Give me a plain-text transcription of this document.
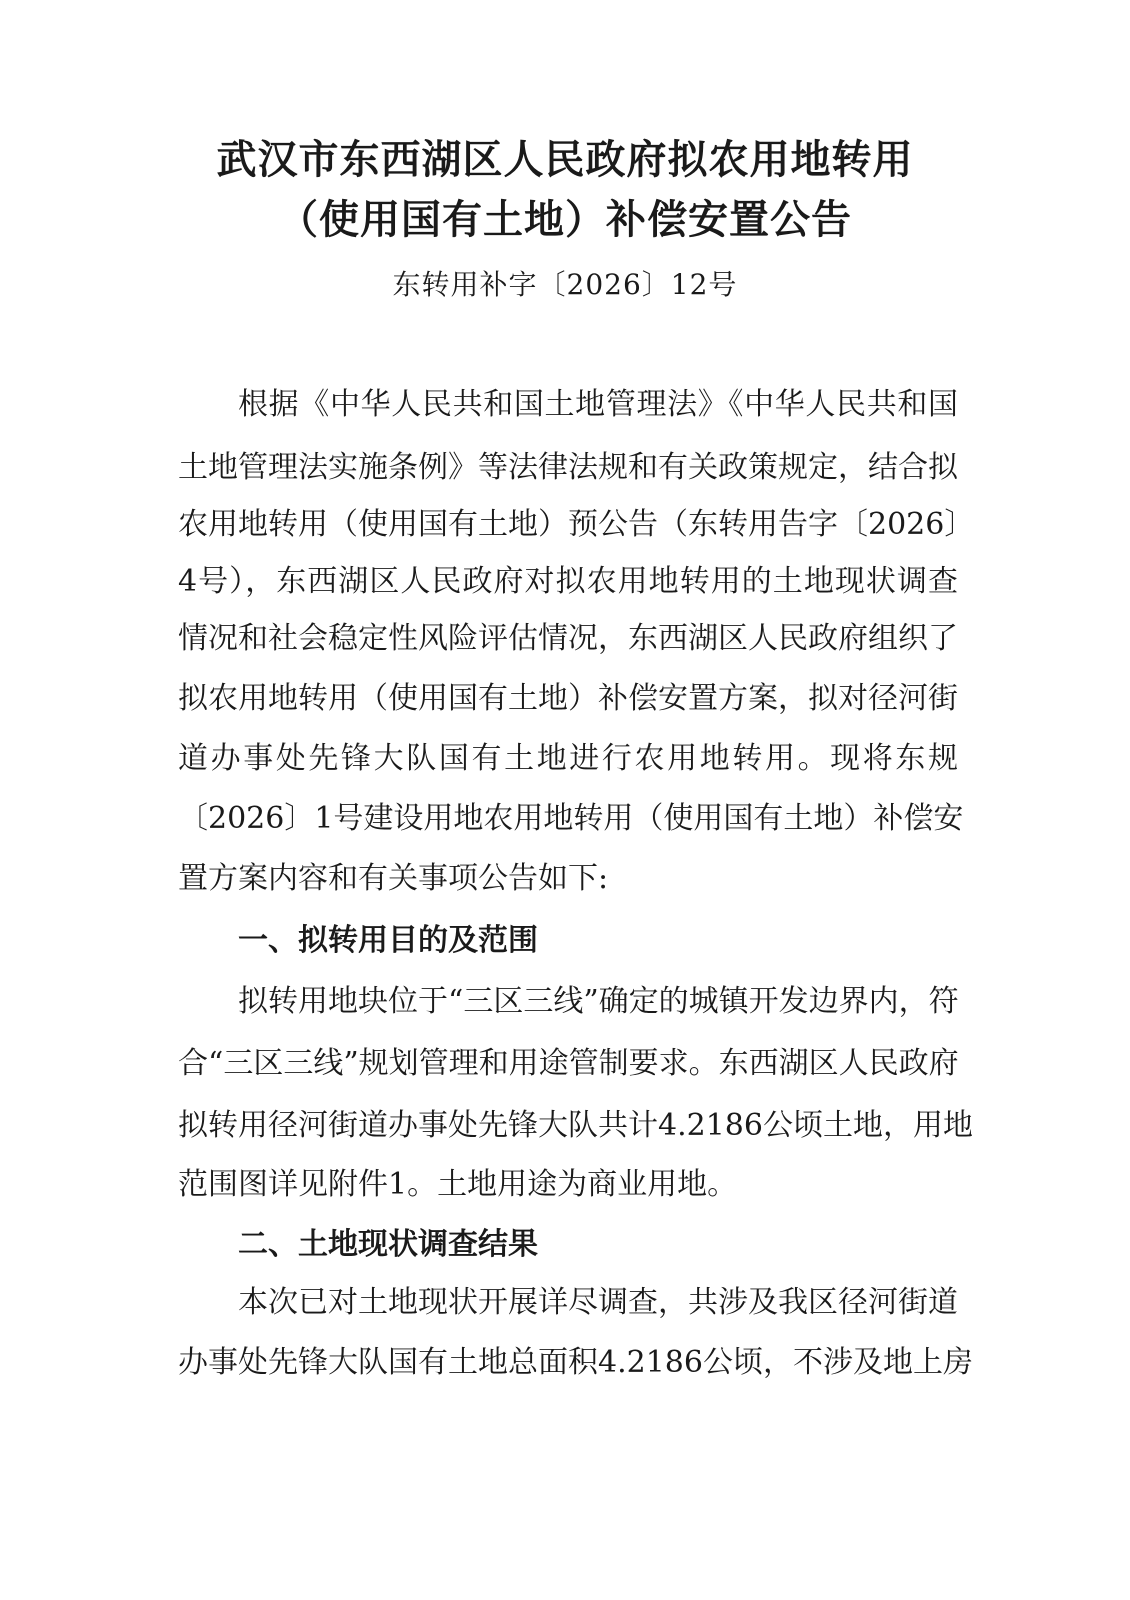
武汉市东西湖区人民政府拟农用地转用
（使用国有土地）补偿安置公告
东转用补字〔2026〕12号
根据《中华人民共和国土地管理法》《中华人民共和国
土地管理法实施条例》等法律法规和有关政策规定，结合拟
农用地转用（使用国有土地）预公告（东转用告字〔2026〕
4号），东西湖区人民政府对拟农用地转用的土地现状调查
情况和社会稳定性风险评估情况，东西湖区人民政府组织了
拟农用地转用（使用国有土地）补偿安置方案，拟对径河街
道办事处先锋大队国有土地进行农用地转用。现将东规
〔2026〕1号建设用地农用地转用（使用国有土地）补偿安
置方案内容和有关事项公告如下:
一、拟转用目的及范围
拟转用地块位于“三区三线”确定的城镇开发边界内，符
合“三区三线”规划管理和用途管制要求。东西湖区人民政府
拟转用径河街道办事处先锋大队共计4.2186公顷土地，用地
范围图详见附件1。土地用途为商业用地。
二、土地现状调查结果
本次已对土地现状开展详尽调查，共涉及我区径河街道
办事处先锋大队国有土地总面积4.2186公顷，不涉及地上房
